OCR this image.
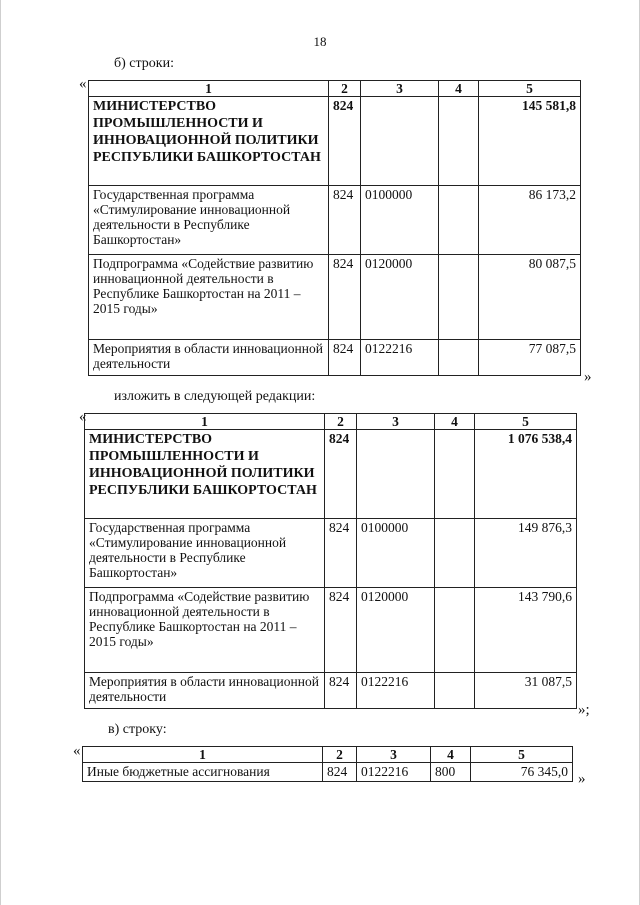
18
б) строки:
«	1	2	3	4	5
МИНИСТЕРСТВО ПРОМЫШЛЕННОСТИ И ИННОВАЦИОННОЙ ПОЛИТИКИ РЕСПУБЛИКИ БАШКОРТОСТАН	824			145 581,8
Государственная программа «Стимулирование инновационной деятельности в Республике Башкортостан»	824	0100000		86 173,2
Подпрограмма «Содействие развитию инновационной деятельности в Республике Башкортостан на 2011 – 2015 годы»	824	0120000		80 087,5
Мероприятия в области инновационной деятельности	824	0122216		77 087,5
»
изложить в следующей редакции:
«	1	2	3	4	5
МИНИСТЕРСТВО ПРОМЫШЛЕННОСТИ И ИННОВАЦИОННОЙ ПОЛИТИКИ РЕСПУБЛИКИ БАШКОРТОСТАН	824			1 076 538,4
Государственная программа «Стимулирование инновационной деятельности в Республике Башкортостан»	824	0100000		149 876,3
Подпрограмма «Содействие развитию инновационной деятельности в Республике Башкортостан на 2011 – 2015 годы»	824	0120000		143 790,6
Мероприятия в области инновационной деятельности	824	0122216		31 087,5
»;
в) строку:
«	1	2	3	4	5
Иные бюджетные ассигнования	824	0122216	800	76 345,0 »
